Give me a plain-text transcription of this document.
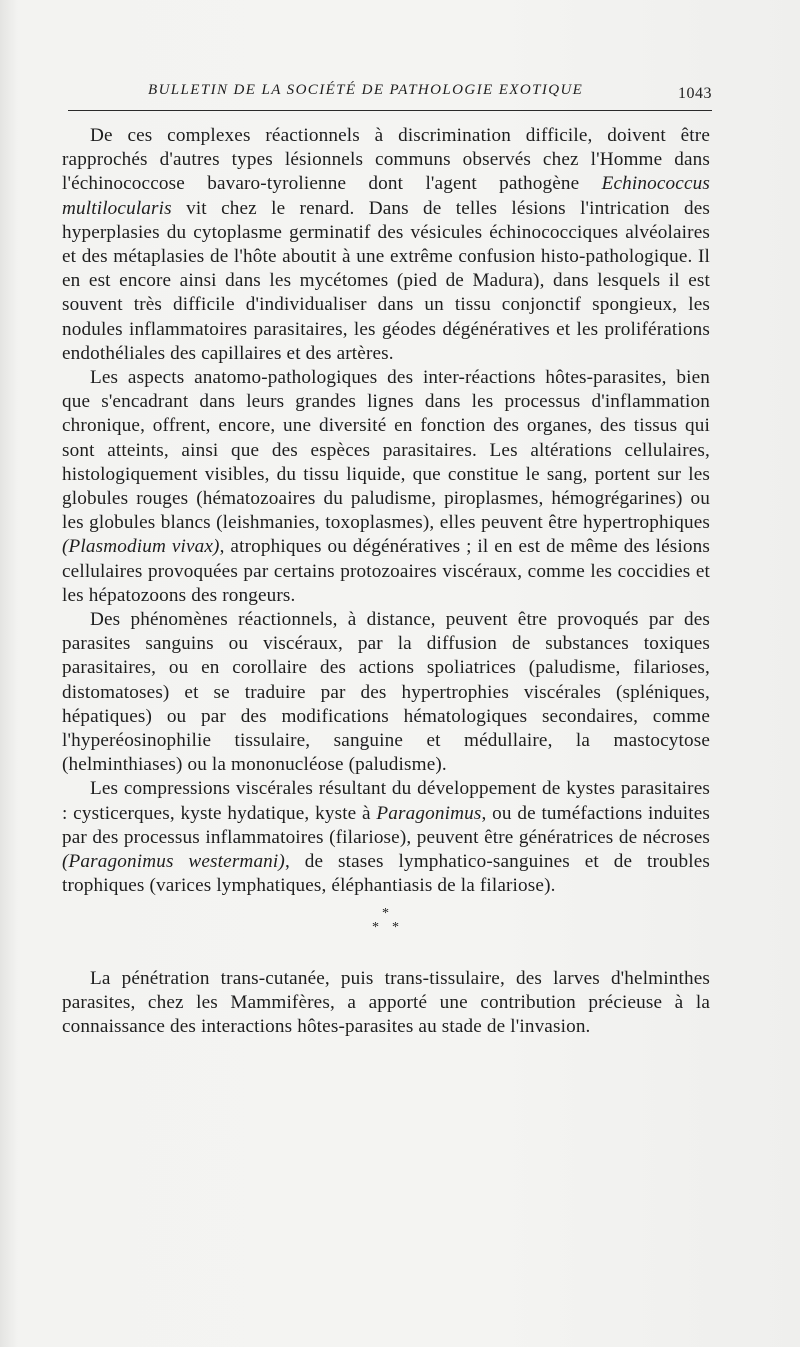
BULLETIN DE LA SOCIÉTÉ DE PATHOLOGIE EXOTIQUE	1043

De ces complexes réactionnels à discrimination difficile, doivent être rapprochés d'autres types lésionnels communs observés chez l'Homme dans l'échinococcose bavaro-tyrolienne dont l'agent pathogène Echinococcus multilocularis vit chez le renard. Dans de telles lésions l'intrication des hyperplasies du cytoplasme germinatif des vésicules échinococciques alvéolaires et des métaplasies de l'hôte aboutit à une extrême confusion histo-pathologique. Il en est encore ainsi dans les mycétomes (pied de Madura), dans lesquels il est souvent très difficile d'individualiser dans un tissu conjonctif spongieux, les nodules inflammatoires parasitaires, les géodes dégénératives et les proliférations endothéliales des capillaires et des artères.

Les aspects anatomo-pathologiques des inter-réactions hôtes-parasites, bien que s'encadrant dans leurs grandes lignes dans les processus d'inflammation chronique, offrent, encore, une diversité en fonction des organes, des tissus qui sont atteints, ainsi que des espèces parasitaires. Les altérations cellulaires, histologiquement visibles, du tissu liquide, que constitue le sang, portent sur les globules rouges (hématozoaires du paludisme, piroplasmes, hémogrégarines) ou les globules blancs (leishmanies, toxoplasmes), elles peuvent être hypertrophiques (Plasmodium vivax), atrophiques ou dégénératives ; il en est de même des lésions cellulaires provoquées par certains protozoaires viscéraux, comme les coccidies et les hépatozoons des rongeurs.

Des phénomènes réactionnels, à distance, peuvent être provoqués par des parasites sanguins ou viscéraux, par la diffusion de substances toxiques parasitaires, ou en corollaire des actions spoliatrices (paludisme, filarioses, distomatoses) et se traduire par des hypertrophies viscérales (spléniques, hépatiques) ou par des modifications hématologiques secondaires, comme l'hyperéosinophilie tissulaire, sanguine et médullaire, la mastocytose (helminthiases) ou la mononucléose (paludisme).

Les compressions viscérales résultant du développement de kystes parasitaires : cysticerques, kyste hydatique, kyste à Paragonimus, ou de tuméfactions induites par des processus inflammatoires (filariose), peuvent être génératrices de nécroses (Paragonimus westermani), de stases lymphatico-sanguines et de troubles trophiques (varices lymphatiques, éléphantiasis de la filariose).

*
* *

La pénétration trans-cutanée, puis trans-tissulaire, des larves d'helminthes parasites, chez les Mammifères, a apporté une contribution précieuse à la connaissance des interactions hôtes-parasites au stade de l'invasion.
